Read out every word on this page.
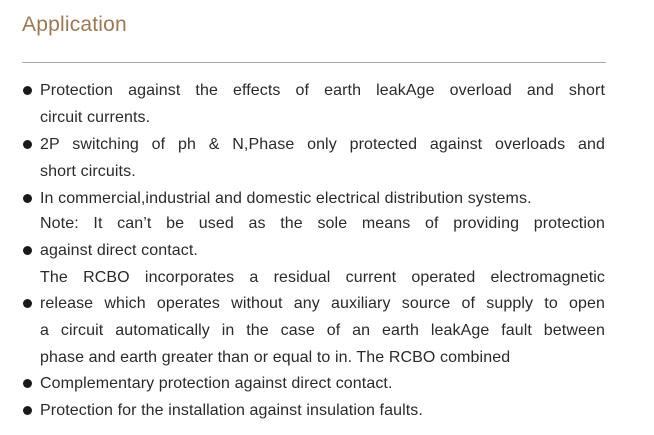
Application
Protection against the effects of earth leakAge overload and short
circuit currents.
2P switching of ph & N,Phase only protected against overloads and
short circuits.
In commercial,industrial and domestic electrical distribution systems.
Note: It can’t be used as the sole means of providing protection
against direct contact.
The RCBO incorporates a residual current operated electromagnetic
release which operates without any auxiliary source of supply to open
a circuit automatically in the case of an earth leakAge fault between
phase and earth greater than or equal to in. The RCBO combined
Complementary protection against direct contact.
Protection for the installation against insulation faults.
